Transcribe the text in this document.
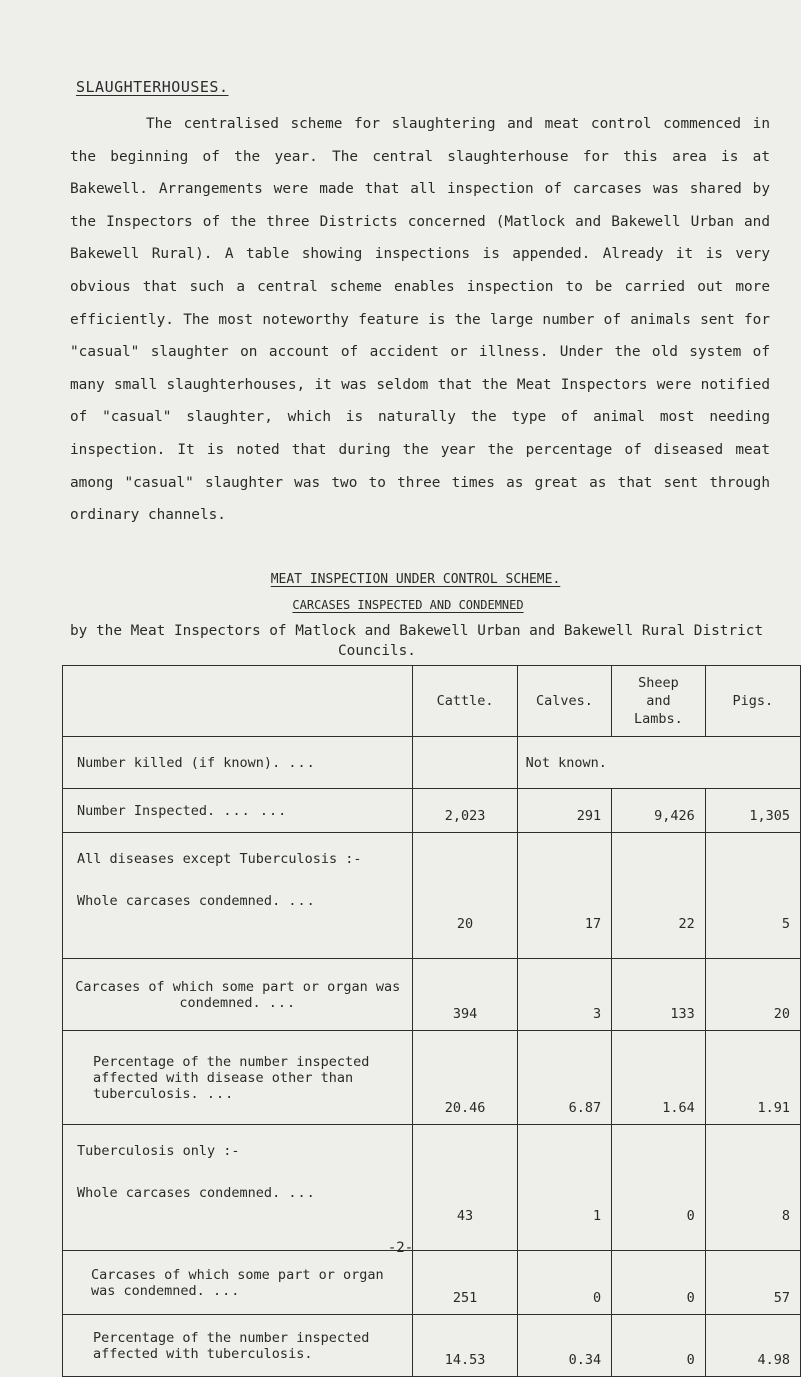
SLAUGHTERHOUSES.
The centralised scheme for slaughtering and meat control commenced in the beginning of the year. The central slaughterhouse for this area is at Bakewell. Arrangements were made that all inspection of carcases was shared by the Inspectors of the three Districts concerned (Matlock and Bakewell Urban and Bakewell Rural). A table showing inspections is appended. Already it is very obvious that such a central scheme enables inspection to be carried out more efficiently. The most noteworthy feature is the large number of animals sent for "casual" slaughter on account of accident or illness. Under the old system of many small slaughterhouses, it was seldom that the Meat Inspectors were notified of "casual" slaughter, which is naturally the type of animal most needing inspection. It is noted that during the year the percentage of diseased meat among "casual" slaughter was two to three times as great as that sent through ordinary channels.
MEAT INSPECTION UNDER CONTROL SCHEME.
CARCASES INSPECTED AND CONDEMNED
by the Meat Inspectors of Matlock and Bakewell Urban and Bakewell Rural District
Councils.
	Cattle.	Calves.	Sheep and Lambs.	Pigs.
Number killed (if known). ...		Not known.		
Number Inspected. ... ...	2,023	291	9,426	1,305
All diseases except Tuberculosis :-
Whole carcases condemned. ...	20	17	22	5
Carcases of which some part or organ was condemned. ...	394	3	133	20
Percentage of the number inspected affected with disease other than tuberculosis. ...	20.46	6.87	1.64	1.91
Tuberculosis only :-
Whole carcases condemned. ...	43	1	0	8
Carcases of which some part or organ was condemned. ...	251	0	0	57
Percentage of the number inspected affected with tuberculosis.	14.53	0.34	0	4.98
-2-
